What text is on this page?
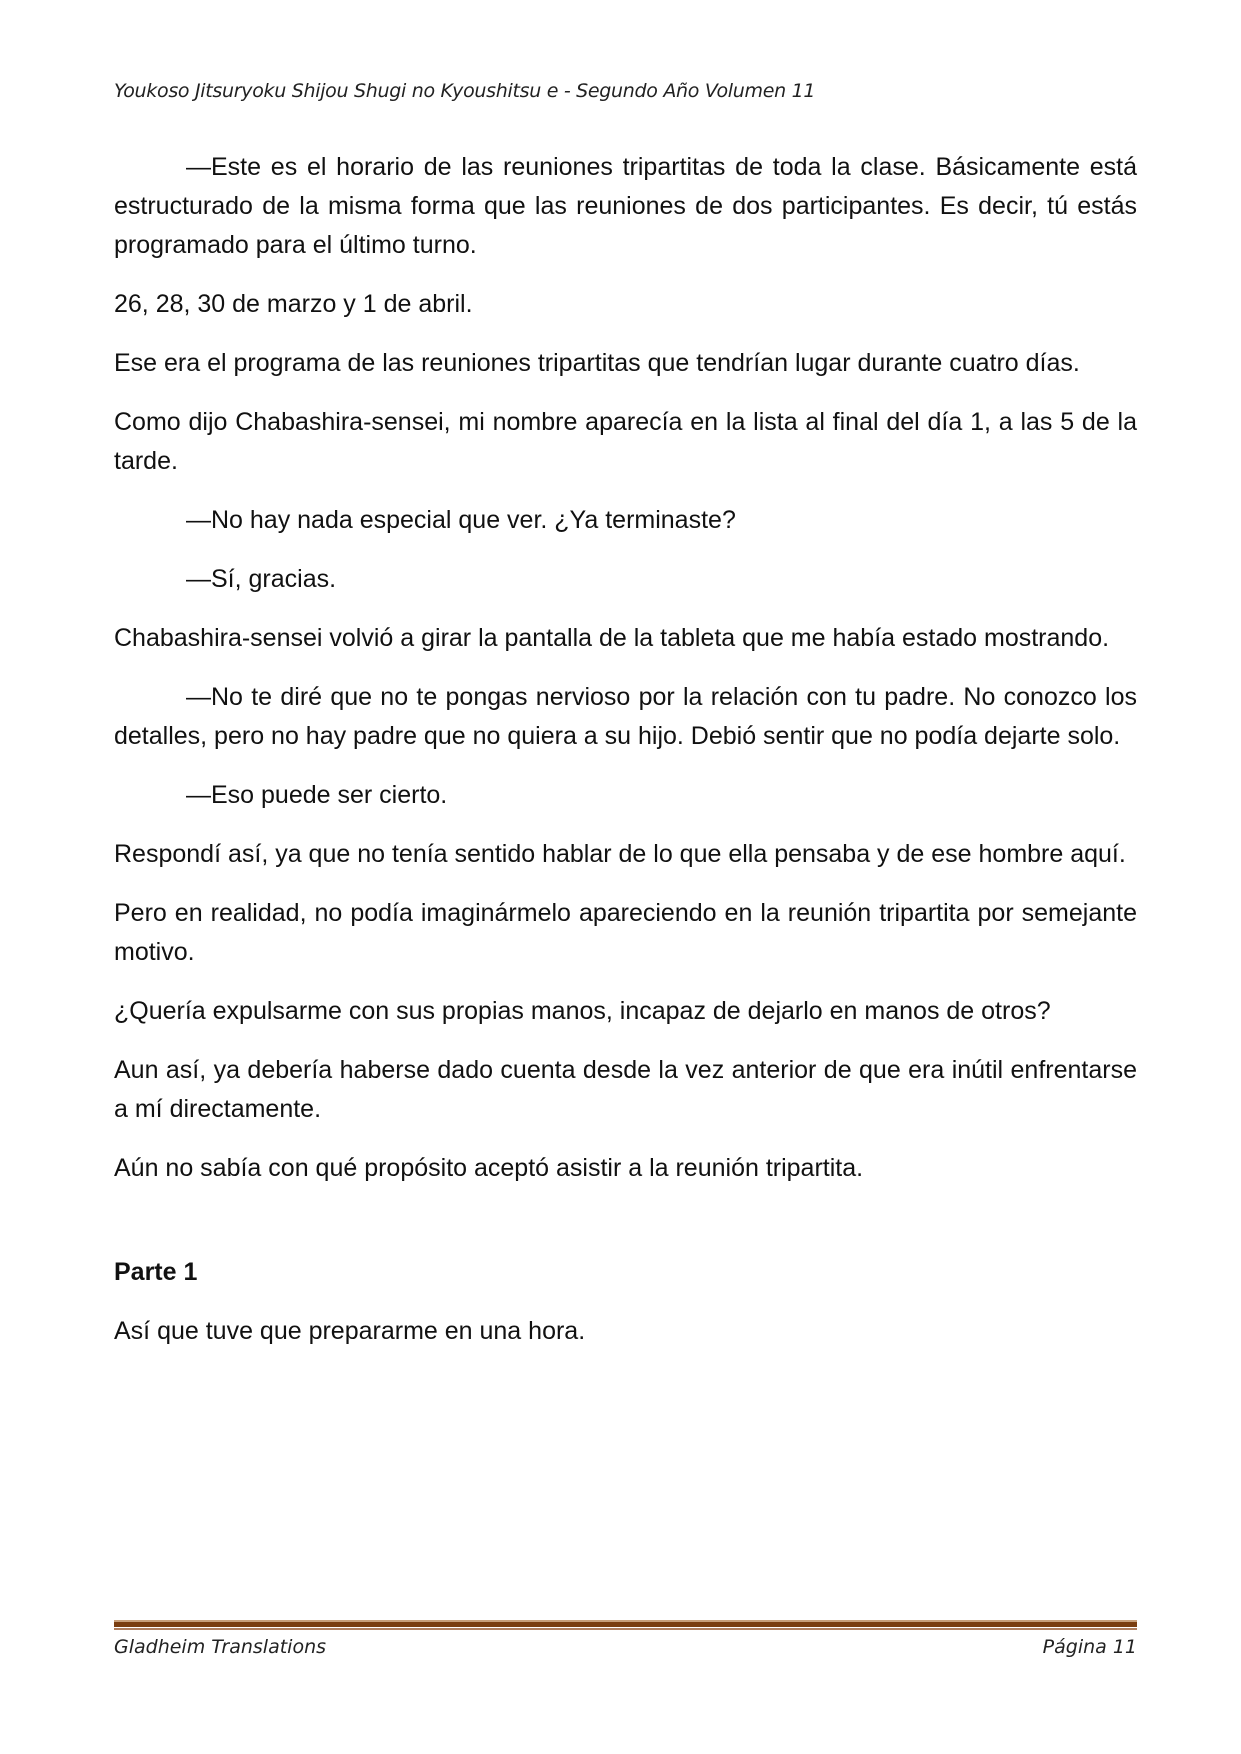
Youkoso Jitsuryoku Shijou Shugi no Kyoushitsu e - Segundo Año Volumen 11

—Este es el horario de las reuniones tripartitas de toda la clase. Básicamente está estructurado de la misma forma que las reuniones de dos participantes. Es decir, tú estás programado para el último turno.

26, 28, 30 de marzo y 1 de abril.

Ese era el programa de las reuniones tripartitas que tendrían lugar durante cuatro días.

Como dijo Chabashira-sensei, mi nombre aparecía en la lista al final del día 1, a las 5 de la tarde.

—No hay nada especial que ver. ¿Ya terminaste?

—Sí, gracias.

Chabashira-sensei volvió a girar la pantalla de la tableta que me había estado mostrando.

—No te diré que no te pongas nervioso por la relación con tu padre. No conozco los detalles, pero no hay padre que no quiera a su hijo. Debió sentir que no podía dejarte solo.

—Eso puede ser cierto.

Respondí así, ya que no tenía sentido hablar de lo que ella pensaba y de ese hombre aquí.

Pero en realidad, no podía imaginármelo apareciendo en la reunión tripartita por semejante motivo.

¿Quería expulsarme con sus propias manos, incapaz de dejarlo en manos de otros?

Aun así, ya debería haberse dado cuenta desde la vez anterior de que era inútil enfrentarse a mí directamente.

Aún no sabía con qué propósito aceptó asistir a la reunión tripartita.

Parte 1

Así que tuve que prepararme en una hora.

Gladheim Translations	Página 11
